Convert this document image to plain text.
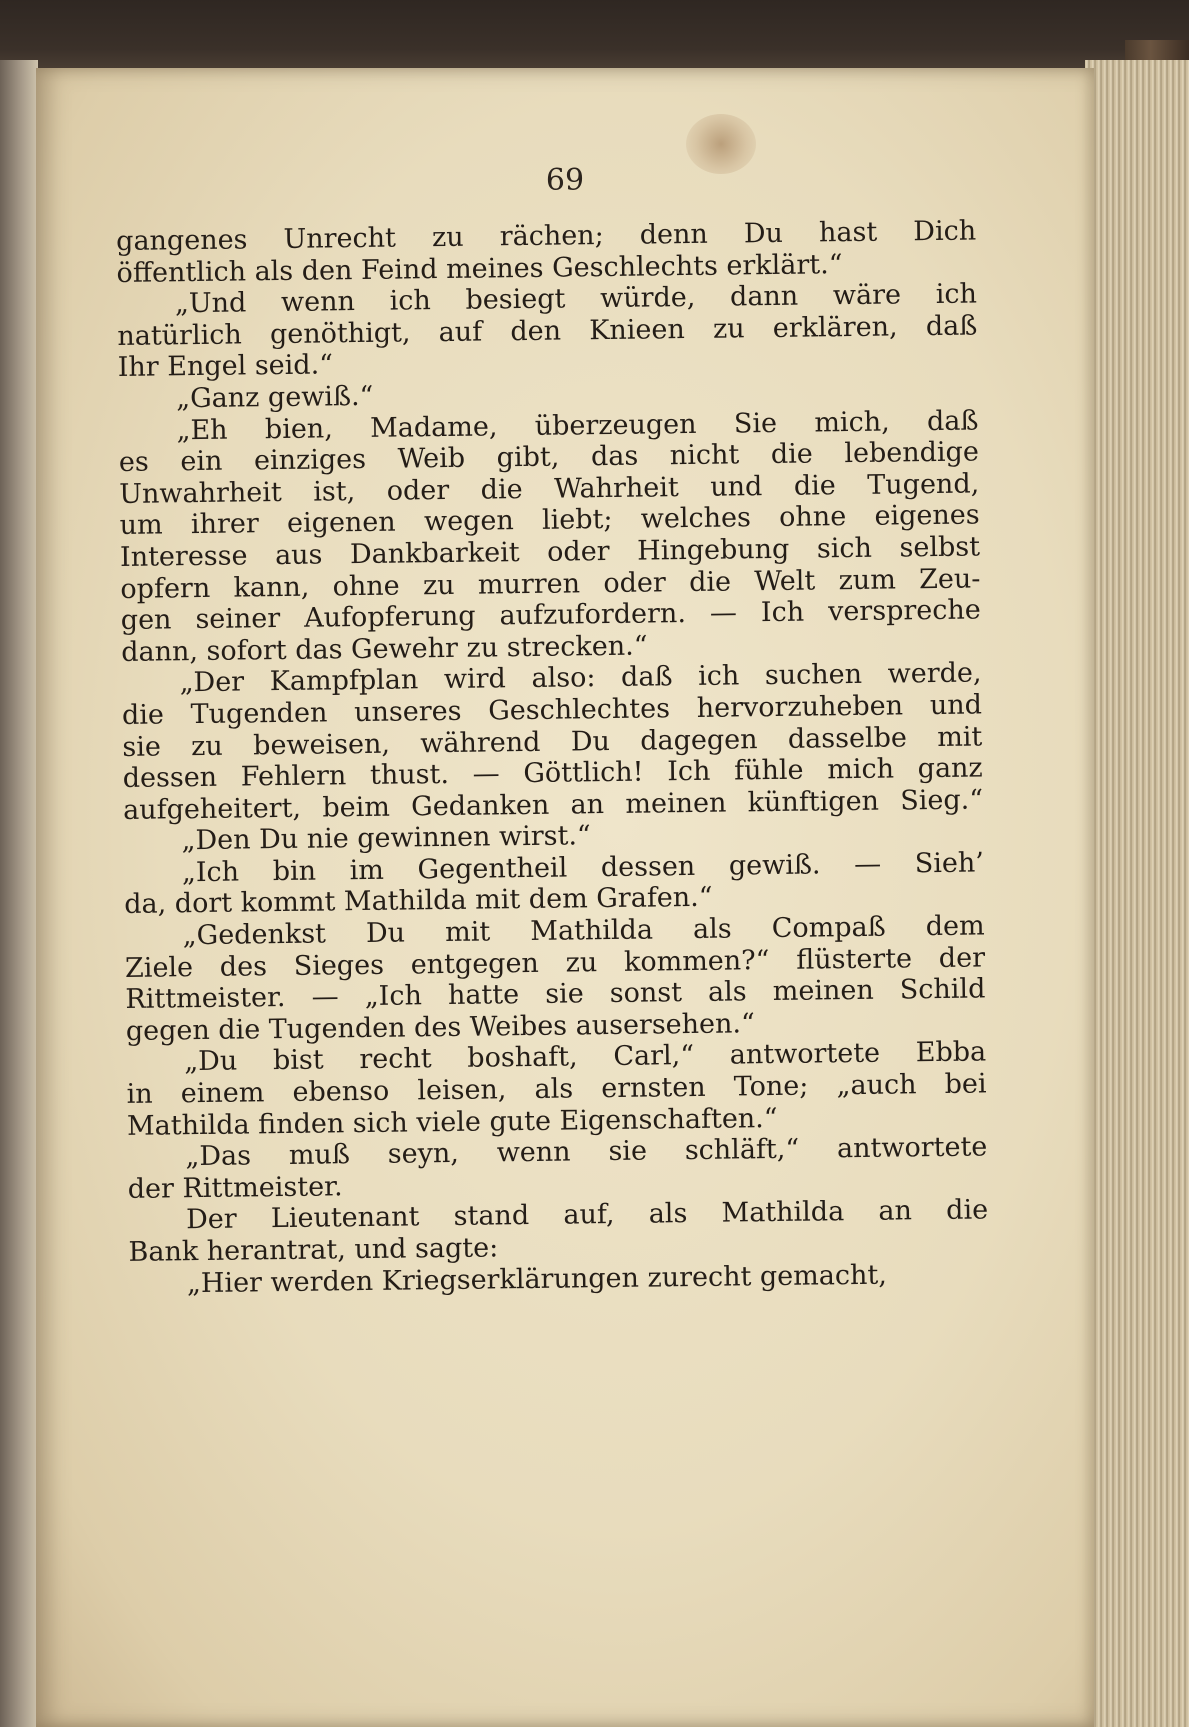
69
gangenes Unrecht zu rächen; denn Du hast Dich
öffentlich als den Feind meines Geschlechts erklärt.“
„Und wenn ich besiegt würde, dann wäre ich
natürlich genöthigt, auf den Knieen zu erklären, daß
Ihr Engel seid.“
„Ganz gewiß.“
„Eh bien, Madame, überzeugen Sie mich, daß
es ein einziges Weib gibt, das nicht die lebendige
Unwahrheit ist, oder die Wahrheit und die Tugend,
um ihrer eigenen wegen liebt; welches ohne eigenes
Interesse aus Dankbarkeit oder Hingebung sich selbst
opfern kann, ohne zu murren oder die Welt zum Zeu-
gen seiner Aufopferung aufzufordern. — Ich verspreche
dann, sofort das Gewehr zu strecken.“
„Der Kampfplan wird also: daß ich suchen werde,
die Tugenden unseres Geschlechtes hervorzuheben und
sie zu beweisen, während Du dagegen dasselbe mit
dessen Fehlern thust. — Göttlich! Ich fühle mich ganz
aufgeheitert, beim Gedanken an meinen künftigen Sieg.“
„Den Du nie gewinnen wirst.“
„Ich bin im Gegentheil dessen gewiß. — Sieh’
da, dort kommt Mathilda mit dem Grafen.“
„Gedenkst Du mit Mathilda als Compaß dem
Ziele des Sieges entgegen zu kommen?“ flüsterte der
Rittmeister. — „Ich hatte sie sonst als meinen Schild
gegen die Tugenden des Weibes ausersehen.“
„Du bist recht boshaft, Carl,“ antwortete Ebba
in einem ebenso leisen, als ernsten Tone; „auch bei
Mathilda finden sich viele gute Eigenschaften.“
„Das muß seyn, wenn sie schläft,“ antwortete
der Rittmeister.
Der Lieutenant stand auf, als Mathilda an die
Bank herantrat, und sagte:
„Hier werden Kriegserklärungen zurecht gemacht,
